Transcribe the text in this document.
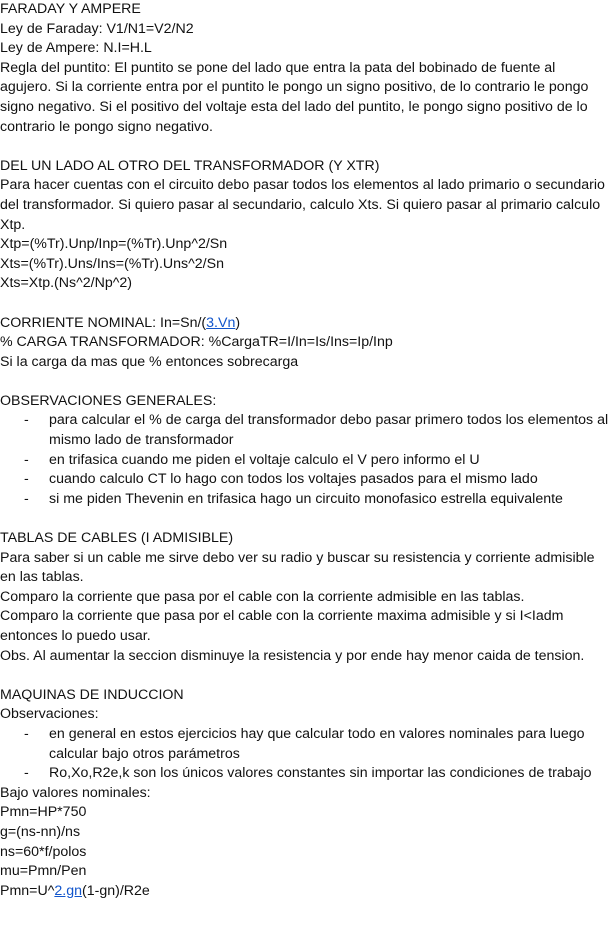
FARADAY Y AMPERE
Ley de Faraday: V1/N1=V2/N2
Ley de Ampere: N.I=H.L
Regla del puntito: El puntito se pone del lado que entra la pata del bobinado de fuente al agujero. Si la corriente entra por el puntito le pongo un signo positivo, de lo contrario le pongo signo negativo. Si el positivo del voltaje esta del lado del puntito, le pongo signo positivo de lo contrario le pongo signo negativo.
DEL UN LADO AL OTRO DEL TRANSFORMADOR (Y XTR)
Para hacer cuentas con el circuito debo pasar todos los elementos al lado primario o secundario del transformador. Si quiero pasar al secundario, calculo Xts. Si quiero pasar al primario calculo Xtp.
Xtp=(%Tr).Unp/Inp=(%Tr).Unp^2/Sn
Xts=(%Tr).Uns/Ins=(%Tr).Uns^2/Sn
Xts=Xtp.(Ns^2/Np^2)
CORRIENTE NOMINAL: In=Sn/(3.Vn)
% CARGA TRANSFORMADOR: %CargaTR=I/In=Is/Ins=Ip/Inp
Si la carga da mas que % entonces sobrecarga
OBSERVACIONES GENERALES:
- para calcular el % de carga del transformador debo pasar primero todos los elementos al mismo lado de transformador
- en trifasica cuando me piden el voltaje calculo el V pero informo el U
- cuando calculo CT lo hago con todos los voltajes pasados para el mismo lado
- si me piden Thevenin en trifasica hago un circuito monofasico estrella equivalente
TABLAS DE CABLES (I ADMISIBLE)
Para saber si un cable me sirve debo ver su radio y buscar su resistencia y corriente admisible en las tablas.
Comparo la corriente que pasa por el cable con la corriente admisible en las tablas.
Comparo la corriente que pasa por el cable con la corriente maxima admisible y si I<Iadm entonces lo puedo usar.
Obs. Al aumentar la seccion disminuye la resistencia y por ende hay menor caida de tension.
MAQUINAS DE INDUCCION
Observaciones:
- en general en estos ejercicios hay que calcular todo en valores nominales para luego calcular bajo otros parámetros
- Ro,Xo,R2e,k son los únicos valores constantes sin importar las condiciones de trabajo
Bajo valores nominales:
Pmn=HP*750
g=(ns-nn)/ns
ns=60*f/polos
mu=Pmn/Pen
Pmn=U^2.gn(1-gn)/R2e
